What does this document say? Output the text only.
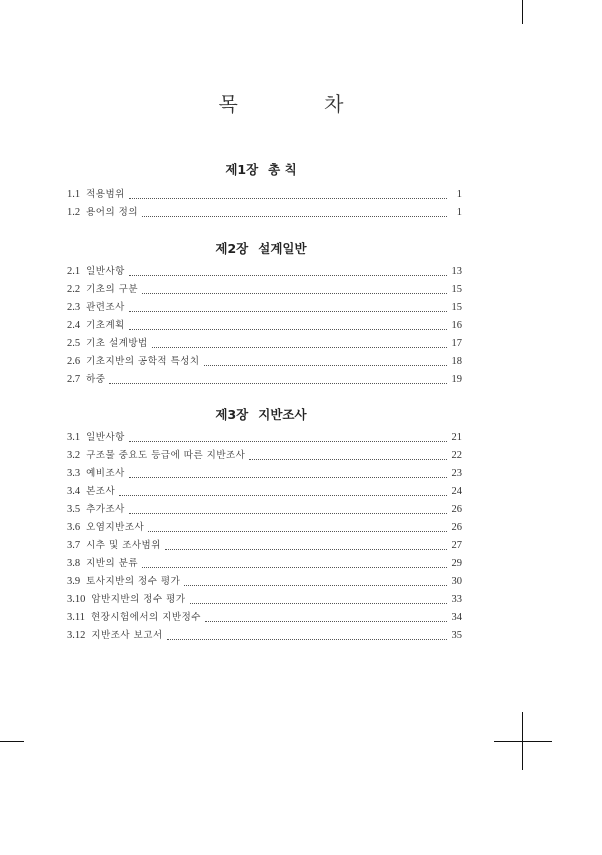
목 차
제1장 총 칙
1.1 적용범위	1
1.2 용어의 정의	1
제2장 설계일반
2.1 일반사항	13
2.2 기초의 구분	15
2.3 관련조사	15
2.4 기초계획	16
2.5 기초 설계방법	17
2.6 기초지반의 공학적 특성치	18
2.7 하중	19
제3장 지반조사
3.1 일반사항	21
3.2 구조물 중요도 등급에 따른 지반조사	22
3.3 예비조사	23
3.4 본조사	24
3.5 추가조사	26
3.6 오염지반조사	26
3.7 시추 및 조사범위	27
3.8 지반의 분류	29
3.9 토사지반의 정수 평가	30
3.10 암반지반의 정수 평가	33
3.11 현장시험에서의 지반정수	34
3.12 지반조사 보고서	35
